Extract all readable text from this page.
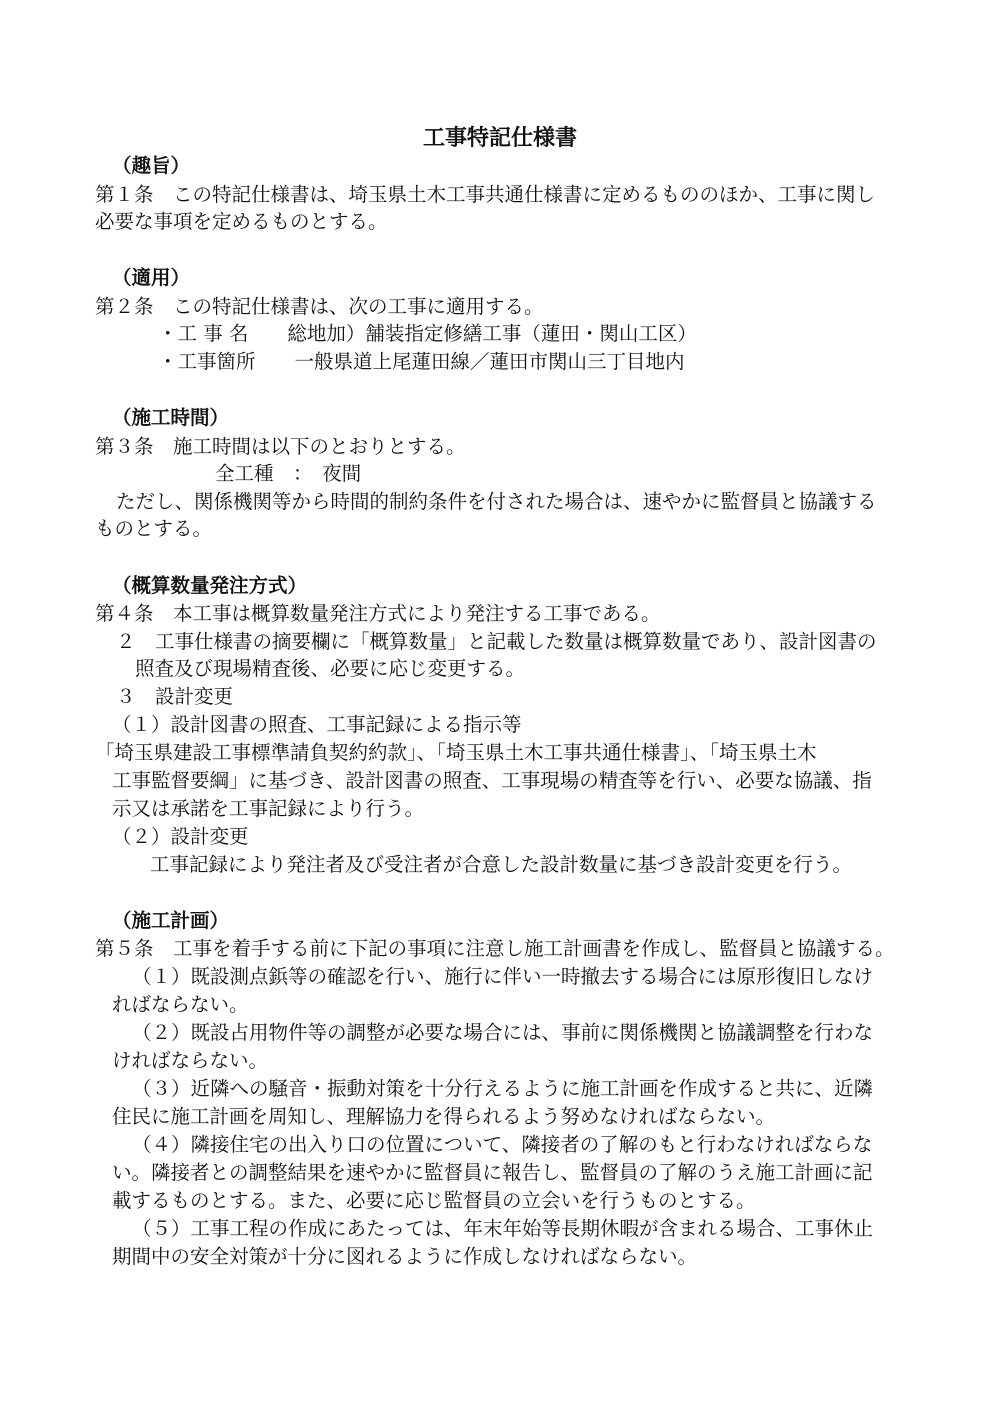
工事特記仕様書
（趣旨）
第１条　この特記仕様書は、埼玉県土木工事共通仕様書に定めるもののほか、工事に関し
必要な事項を定めるものとする。
（適用）
第２条　この特記仕様書は、次の工事に適用する。
・工 事 名　　総地加）舗装指定修繕工事（蓮田・関山工区）
・工事箇所　　一般県道上尾蓮田線／蓮田市関山三丁目地内
（施工時間）
第３条　施工時間は以下のとおりとする。
全工種　：　夜間
ただし、関係機関等から時間的制約条件を付された場合は、速やかに監督員と協議する
ものとする。
（概算数量発注方式）
第４条　本工事は概算数量発注方式により発注する工事である。
２　工事仕様書の摘要欄に「概算数量」と記載した数量は概算数量であり、設計図書の
照査及び現場精査後、必要に応じ変更する。
３　設計変更
（１）設計図書の照査、工事記録による指示等
「埼玉県建設工事標準請負契約約款」、「埼玉県土木工事共通仕様書」、「埼玉県土木
工事監督要綱」に基づき、設計図書の照査、工事現場の精査等を行い、必要な協議、指
示又は承諾を工事記録により行う。
（２）設計変更
工事記録により発注者及び受注者が合意した設計数量に基づき設計変更を行う。
（施工計画）
第５条　工事を着手する前に下記の事項に注意し施工計画書を作成し、監督員と協議する。
（１）既設測点鋲等の確認を行い、施行に伴い一時撤去する場合には原形復旧しなけ
ればならない。
（２）既設占用物件等の調整が必要な場合には、事前に関係機関と協議調整を行わな
ければならない。
（３）近隣への騒音・振動対策を十分行えるように施工計画を作成すると共に、近隣
住民に施工計画を周知し、理解協力を得られるよう努めなければならない。
（４）隣接住宅の出入り口の位置について、隣接者の了解のもと行わなければならな
い。隣接者との調整結果を速やかに監督員に報告し、監督員の了解のうえ施工計画に記
載するものとする。また、必要に応じ監督員の立会いを行うものとする。
（５）工事工程の作成にあたっては、年末年始等長期休暇が含まれる場合、工事休止
期間中の安全対策が十分に図れるように作成しなければならない。
